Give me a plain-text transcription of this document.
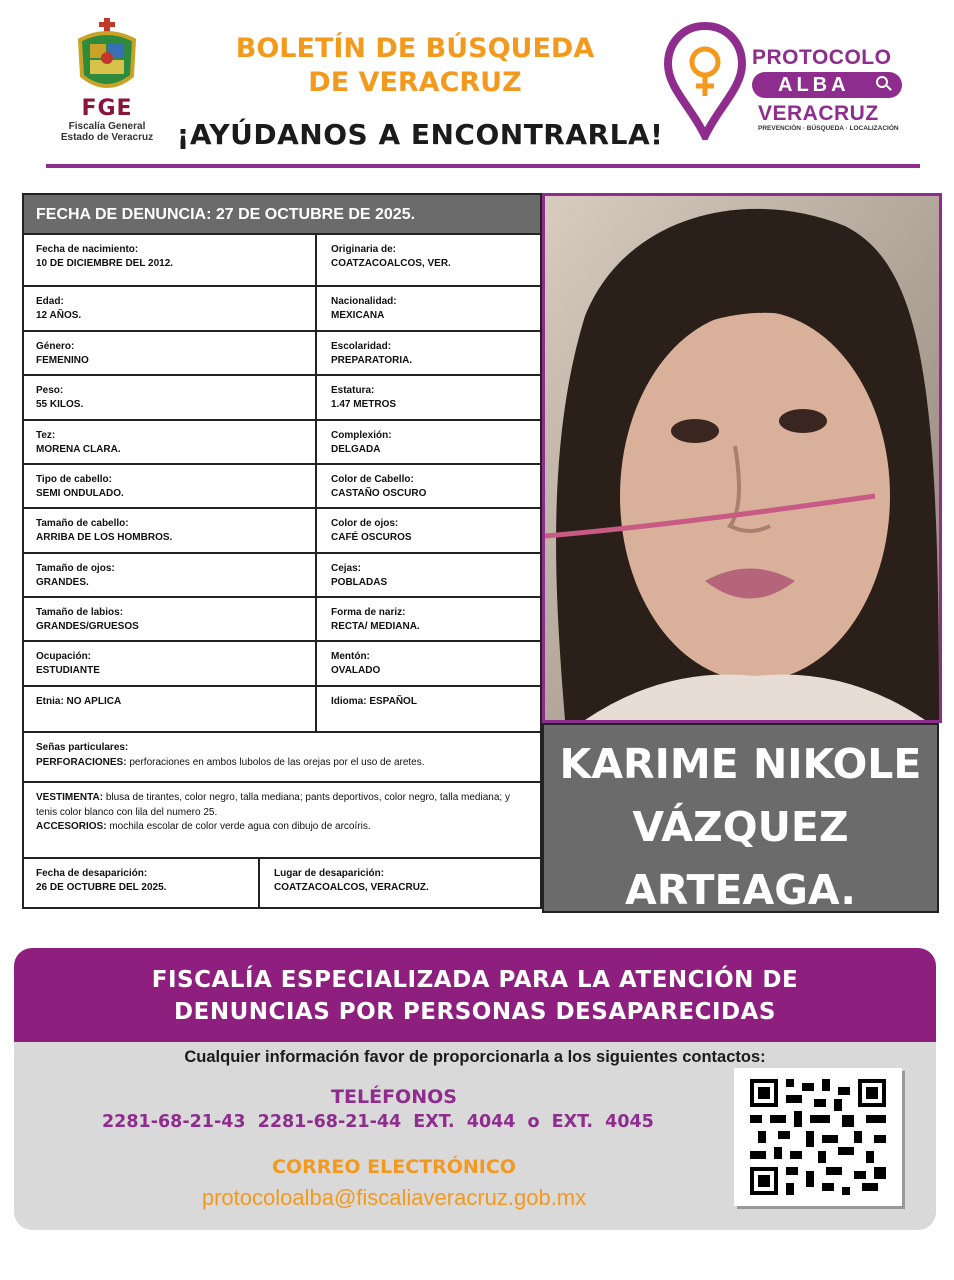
FGE
Fiscalía General
Estado de Veracruz
BOLETÍN DE BÚSQUEDA
DE VERACRUZ
¡AYÚDANOS A ENCONTRARLA!
PROTOCOLO
ALBA
VERACRUZ
PREVENCIÓN · BÚSQUEDA · LOCALIZACIÓN
FECHA DE DENUNCIA: 27 DE OCTUBRE DE 2025.
Fecha de nacimiento:
10 DE DICIEMBRE DEL 2012.
Originaria de:
COATZACOALCOS, VER.
Edad:
12 AÑOS.
Nacionalidad:
MEXICANA
Género:
FEMENINO
Escolaridad:
PREPARATORIA.
Peso:
55 KILOS.
Estatura:
1.47 METROS
Tez:
MORENA CLARA.
Complexión:
DELGADA
Tipo de cabello:
SEMI ONDULADO.
Color de Cabello:
CASTAÑO OSCURO
Tamaño de cabello:
ARRIBA DE LOS HOMBROS.
Color de ojos:
CAFÉ OSCUROS
Tamaño de ojos:
GRANDES.
Cejas:
POBLADAS
Tamaño de labios:
GRANDES/GRUESOS
Forma de nariz:
RECTA/ MEDIANA.
Ocupación:
ESTUDIANTE
Mentón:
OVALADO
Etnia: NO APLICA	Idioma: ESPAÑOL
Señas particulares:
PERFORACIONES: perforaciones en ambos lubolos de las orejas por el uso de aretes.
VESTIMENTA: blusa de tirantes, color negro, talla mediana; pants deportivos, color negro, talla mediana; y tenis color blanco con lila del numero 25.
ACCESORIOS: mochila escolar de color verde agua con dibujo de arcoíris.
Fecha de desaparición:
26 DE OCTUBRE DEL 2025.
Lugar de desaparición:
COATZACOALCOS, VERACRUZ.
KARIME NIKOLE
VÁZQUEZ
ARTEAGA.
FISCALÍA ESPECIALIZADA PARA LA ATENCIÓN DE
DENUNCIAS POR PERSONAS DESAPARECIDAS
Cualquier información favor de proporcionarla a los siguientes contactos:
TELÉFONOS
2281-68-21-43 2281-68-21-44 EXT. 4044 o EXT. 4045
CORREO ELECTRÓNICO
protocoloalba@fiscaliaveracruz.gob.mx
